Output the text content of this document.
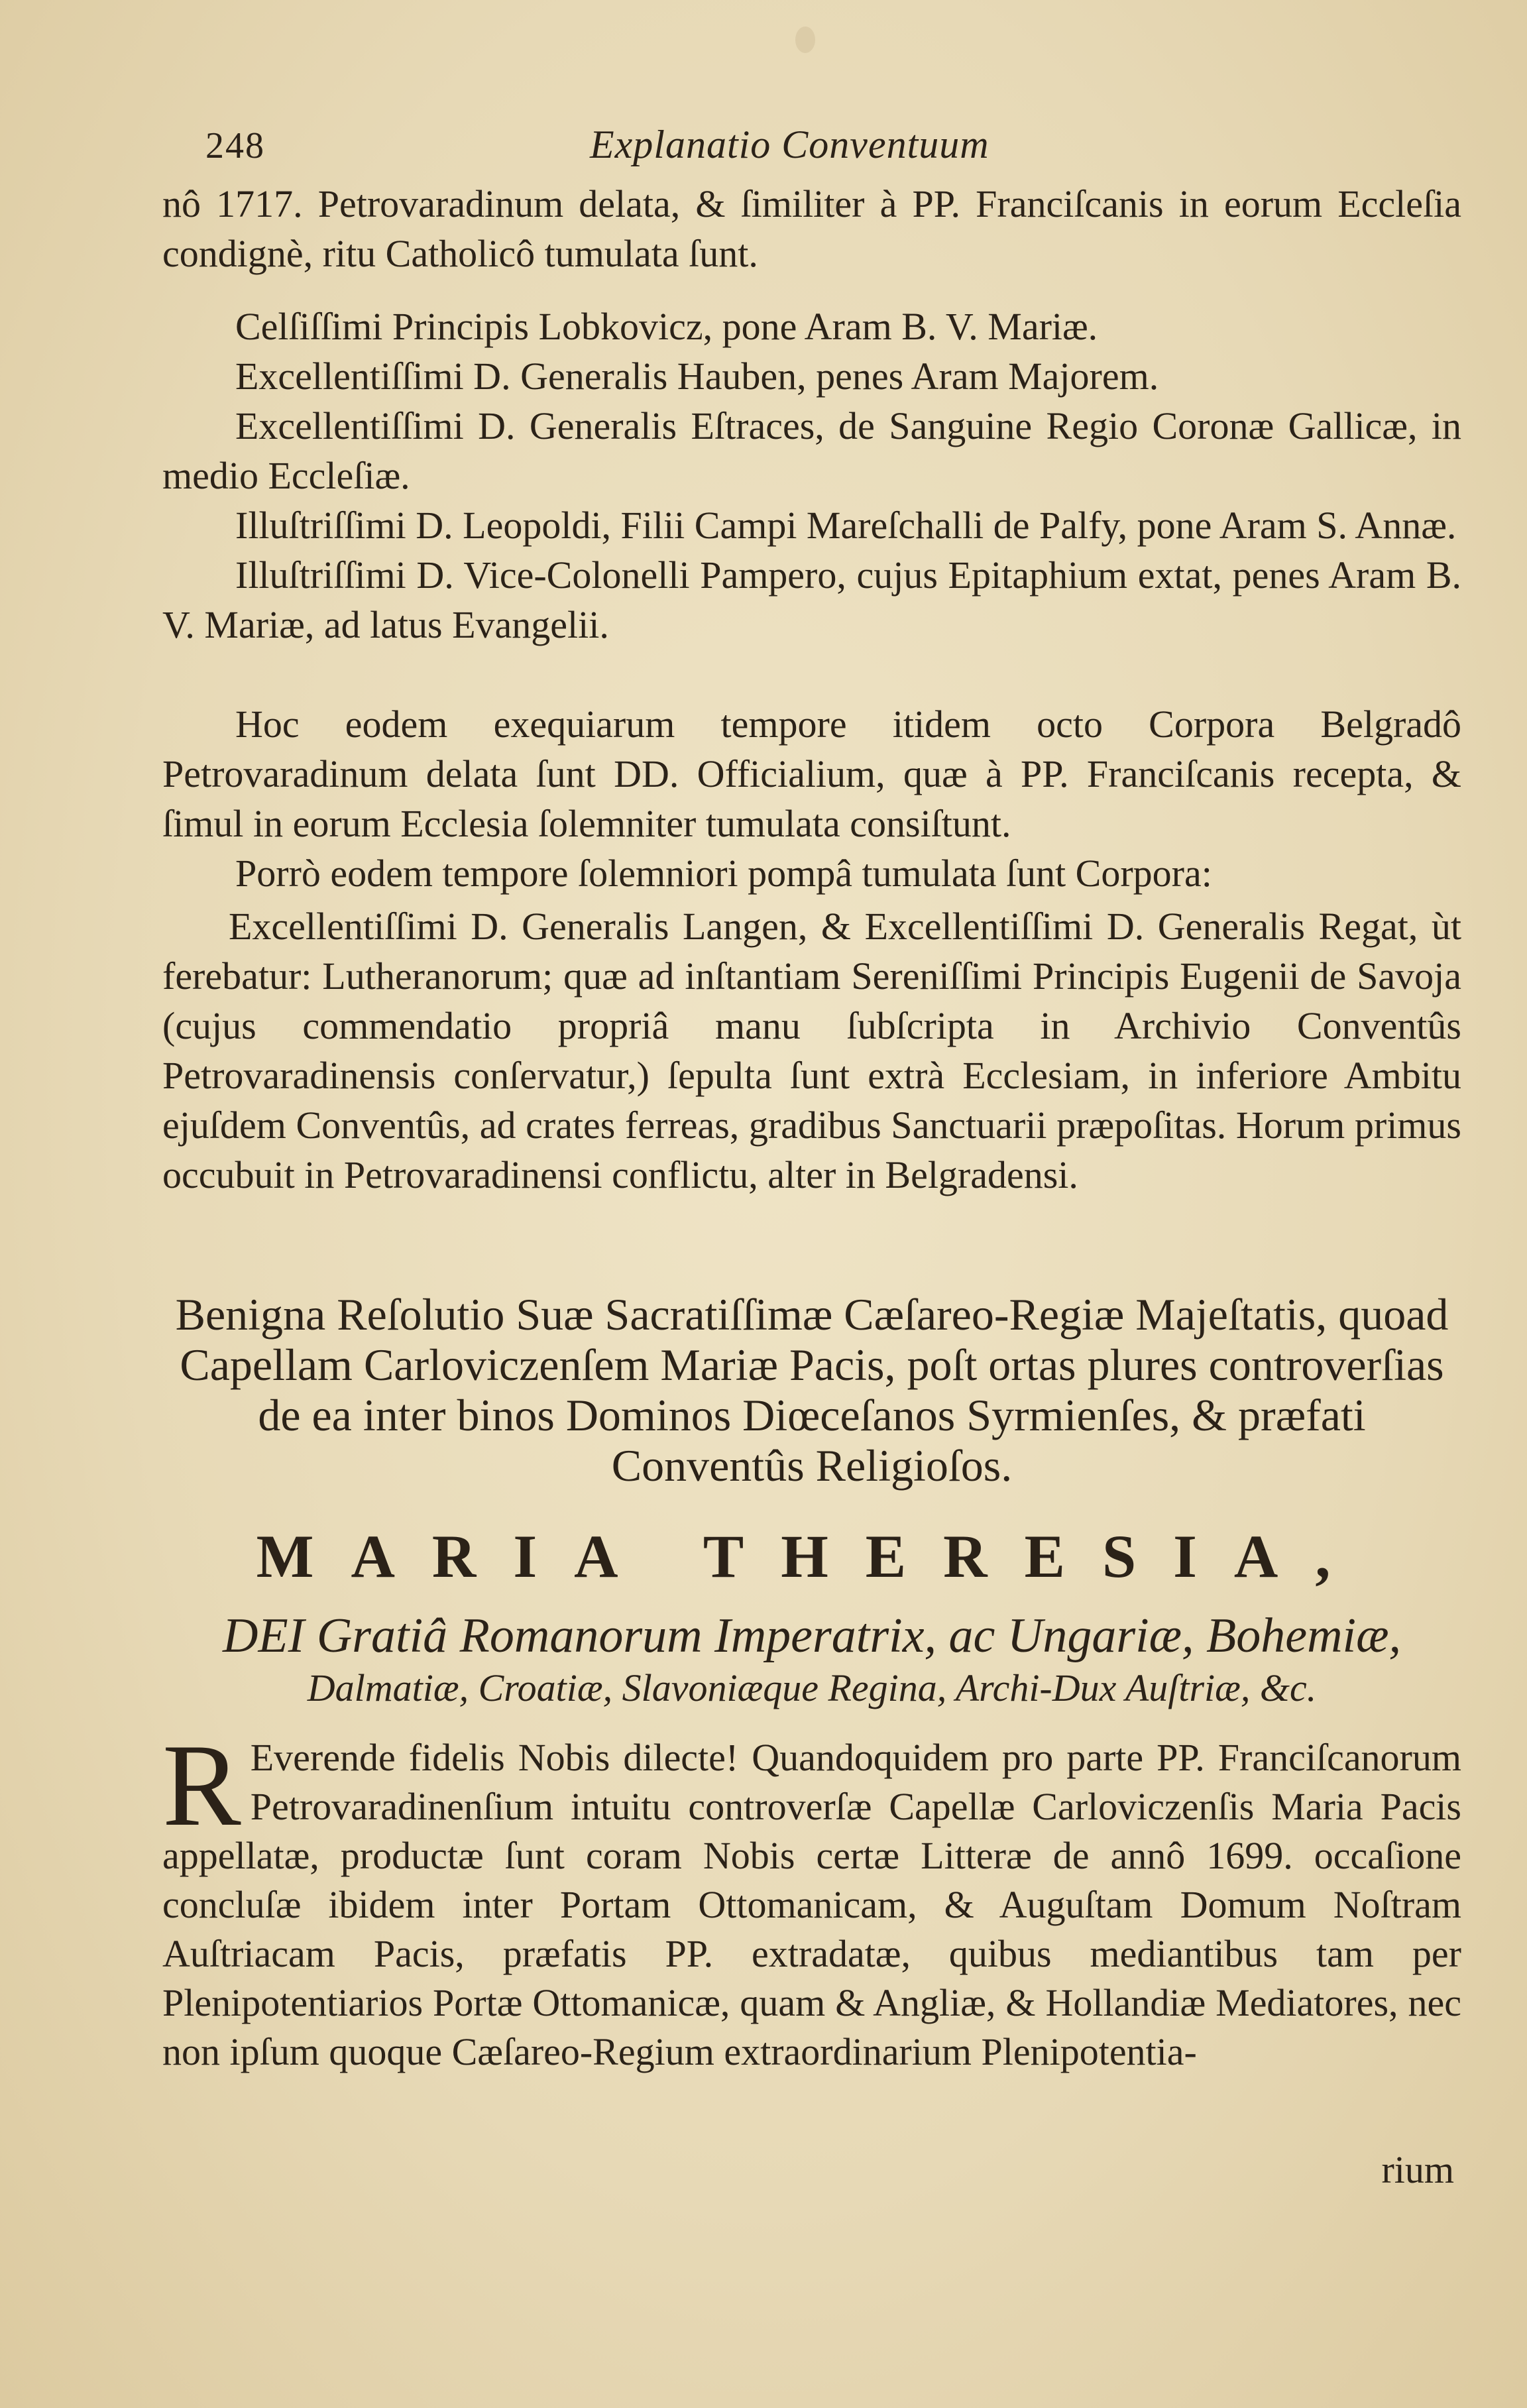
248	Explanatio Conventuum

nô 1717. Petrovaradinum delata, & ſimiliter à PP. Franciſcanis in eorum Eccleſia condignè, ritu Catholicô tumulata ſunt.

Celſiſſimi Principis Lobkovicz, pone Aram B. V. Mariæ.

Excellentiſſimi D. Generalis Hauben, penes Aram Majorem.

Excellentiſſimi D. Generalis Eſtraces, de Sanguine Regio Coronæ Gallicæ, in medio Eccleſiæ.

Illuſtriſſimi D. Leopoldi, Filii Campi Mareſchalli de Palfy, pone Aram S. Annæ.

Illuſtriſſimi D. Vice-Colonelli Pampero, cujus Epitaphium extat, penes Aram B. V. Mariæ, ad latus Evangelii.

Hoc eodem exequiarum tempore itidem octo Corpora Belgradô Petrovaradinum delata ſunt DD. Officialium, quæ à PP. Franciſcanis recepta, & ſimul in eorum Ecclesia ſolemniter tumulata consiſtunt.

Porrò eodem tempore ſolemniori pompâ tumulata ſunt Corpora:

Excellentiſſimi D. Generalis Langen, & Excellentiſſimi D. Generalis Regat, ùt ferebatur: Lutheranorum; quæ ad inſtantiam Sereniſſimi Principis Eugenii de Savoja (cujus commendatio propriâ manu ſubſcripta in Archivio Conventûs Petrovaradinensis conſervatur,) ſepulta ſunt extrà Ecclesiam, in inferiore Ambitu ejuſdem Conventûs, ad crates ferreas, gradibus Sanctuarii præpoſitas. Horum primus occubuit in Petrovaradinensi conflictu, alter in Belgradensi.

Benigna Reſolutio Suæ Sacratiſſimæ Cæſareo-Regiæ Majeſtatis, quoad Capellam Carloviczenſem Mariæ Pacis, poſt ortas plures controverſias de ea inter binos Dominos Diœceſanos Syrmienſes, & præfati Conventûs Religioſos.
MARIA THERESIA,
DEI Gratiâ Romanorum Imperatrix, ac Ungariæ, Bohemiæ,
Dalmatiæ, Croatiæ, Slavoniæque Regina, Archi-Dux Auſtriæ, &c.
R Everende fidelis Nobis dilecte! Quandoquidem pro parte PP. Franciſcanorum Petrovaradinenſium intuitu controverſæ Capellæ Carloviczenſis Maria Pacis appellatæ, productæ ſunt coram Nobis certæ Litteræ de annô 1699. occaſione concluſæ ibidem inter Portam Ottomanicam, & Auguſtam Domum Noſtram Auſtriacam Pacis, præfatis PP. extradatæ, quibus mediantibus tam per Plenipotentiarios Portæ Ottomanicæ, quam & Angliæ, & Hollandiæ Mediatores, nec non ipſum quoque Cæſareo-Regium extraordinarium Plenipotentia-
rium
